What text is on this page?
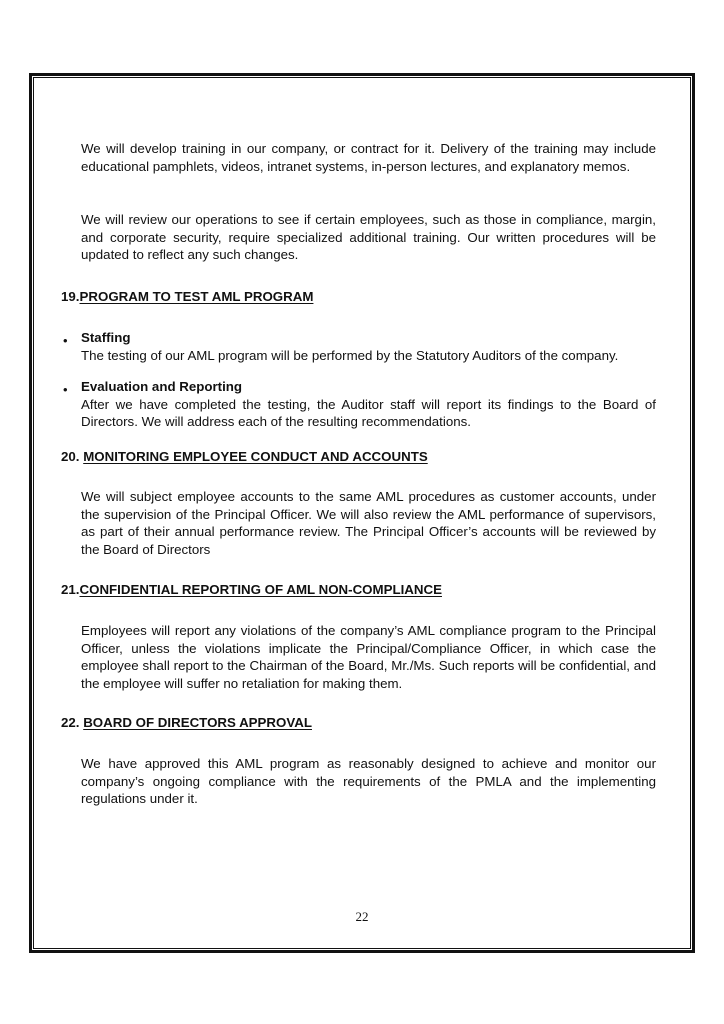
We will develop training in our company, or contract for it. Delivery of the training may include educational pamphlets, videos, intranet systems, in-person lectures, and explanatory memos.

We will review our operations to see if certain employees, such as those in compliance, margin, and corporate security, require specialized additional training. Our written procedures will be updated to reflect any such changes.

19.PROGRAM TO TEST AML PROGRAM

• Staffing
The testing of our AML program will be performed by the Statutory Auditors of the company.

• Evaluation and Reporting
After we have completed the testing, the Auditor staff will report its findings to the Board of Directors. We will address each of the resulting recommendations.

20. MONITORING EMPLOYEE CONDUCT AND ACCOUNTS

We will subject employee accounts to the same AML procedures as customer accounts, under the supervision of the Principal Officer. We will also review the AML performance of supervisors, as part of their annual performance review. The Principal Officer’s accounts will be reviewed by the Board of Directors

21.CONFIDENTIAL REPORTING OF AML NON-COMPLIANCE

Employees will report any violations of the company’s AML compliance program to the Principal Officer, unless the violations implicate the Principal/Compliance Officer, in which case the employee shall report to the Chairman of the Board, Mr./Ms. Such reports will be confidential, and the employee will suffer no retaliation for making them.

22. BOARD OF DIRECTORS APPROVAL

We have approved this AML program as reasonably designed to achieve and monitor our company’s ongoing compliance with the requirements of the PMLA and the implementing regulations under it.

22
